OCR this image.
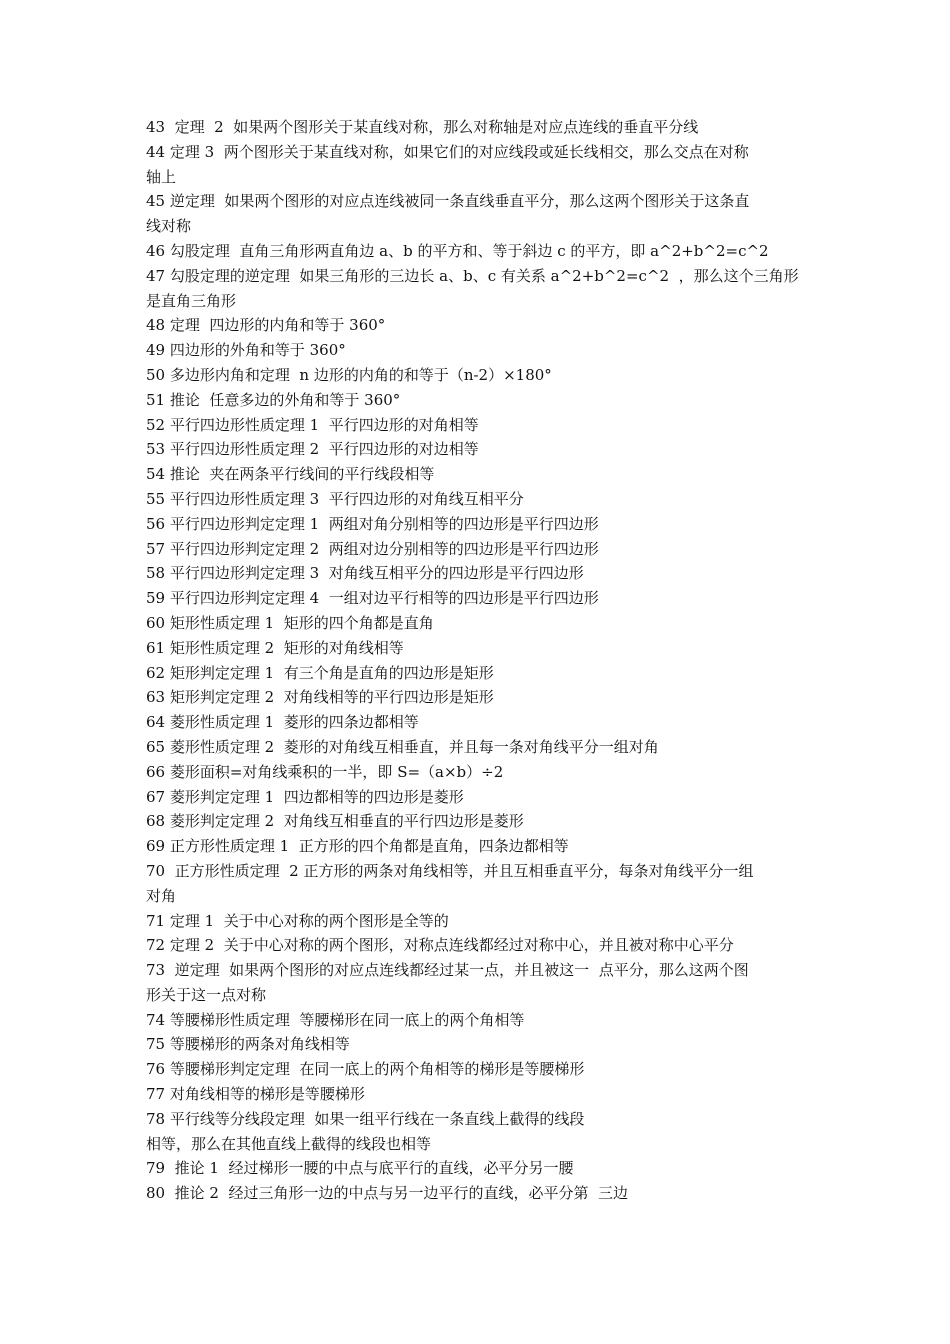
43  定理  2  如果两个图形关于某直线对称，那么对称轴是对应点连线的垂直平分线
44 定理 3  两个图形关于某直线对称，如果它们的对应线段或延长线相交，那么交点在对称
轴上
45 逆定理  如果两个图形的对应点连线被同一条直线垂直平分，那么这两个图形关于这条直
线对称
46 勾股定理  直角三角形两直角边 a、b 的平方和、等于斜边 c 的平方，即 a^2+b^2=c^2
47 勾股定理的逆定理  如果三角形的三边长 a、b、c 有关系 a^2+b^2=c^2  ，那么这个三角形
是直角三角形
48 定理  四边形的内角和等于 360°
49 四边形的外角和等于 360°
50 多边形内角和定理  n 边形的内角的和等于（n-2）×180°
51 推论  任意多边的外角和等于 360°
52 平行四边形性质定理 1  平行四边形的对角相等
53 平行四边形性质定理 2  平行四边形的对边相等
54 推论  夹在两条平行线间的平行线段相等
55 平行四边形性质定理 3  平行四边形的对角线互相平分
56 平行四边形判定定理 1  两组对角分别相等的四边形是平行四边形
57 平行四边形判定定理 2  两组对边分别相等的四边形是平行四边形
58 平行四边形判定定理 3  对角线互相平分的四边形是平行四边形
59 平行四边形判定定理 4  一组对边平行相等的四边形是平行四边形
60 矩形性质定理 1  矩形的四个角都是直角
61 矩形性质定理 2  矩形的对角线相等
62 矩形判定定理 1  有三个角是直角的四边形是矩形
63 矩形判定定理 2  对角线相等的平行四边形是矩形
64 菱形性质定理 1  菱形的四条边都相等
65 菱形性质定理 2  菱形的对角线互相垂直，并且每一条对角线平分一组对角
66 菱形面积=对角线乘积的一半，即 S=（a×b）÷2
67 菱形判定定理 1  四边都相等的四边形是菱形
68 菱形判定定理 2  对角线互相垂直的平行四边形是菱形
69 正方形性质定理 1  正方形的四个角都是直角，四条边都相等
70  正方形性质定理  2 正方形的两条对角线相等，并且互相垂直平分，每条对角线平分一组
对角
71 定理 1  关于中心对称的两个图形是全等的
72 定理 2  关于中心对称的两个图形，对称点连线都经过对称中心，并且被对称中心平分
73  逆定理  如果两个图形的对应点连线都经过某一点，并且被这一  点平分，那么这两个图
形关于这一点对称
74 等腰梯形性质定理  等腰梯形在同一底上的两个角相等
75 等腰梯形的两条对角线相等
76 等腰梯形判定定理  在同一底上的两个角相等的梯形是等腰梯形
77 对角线相等的梯形是等腰梯形
78 平行线等分线段定理  如果一组平行线在一条直线上截得的线段
相等，那么在其他直线上截得的线段也相等
79  推论 1  经过梯形一腰的中点与底平行的直线，必平分另一腰
80  推论 2  经过三角形一边的中点与另一边平行的直线，必平分第  三边
